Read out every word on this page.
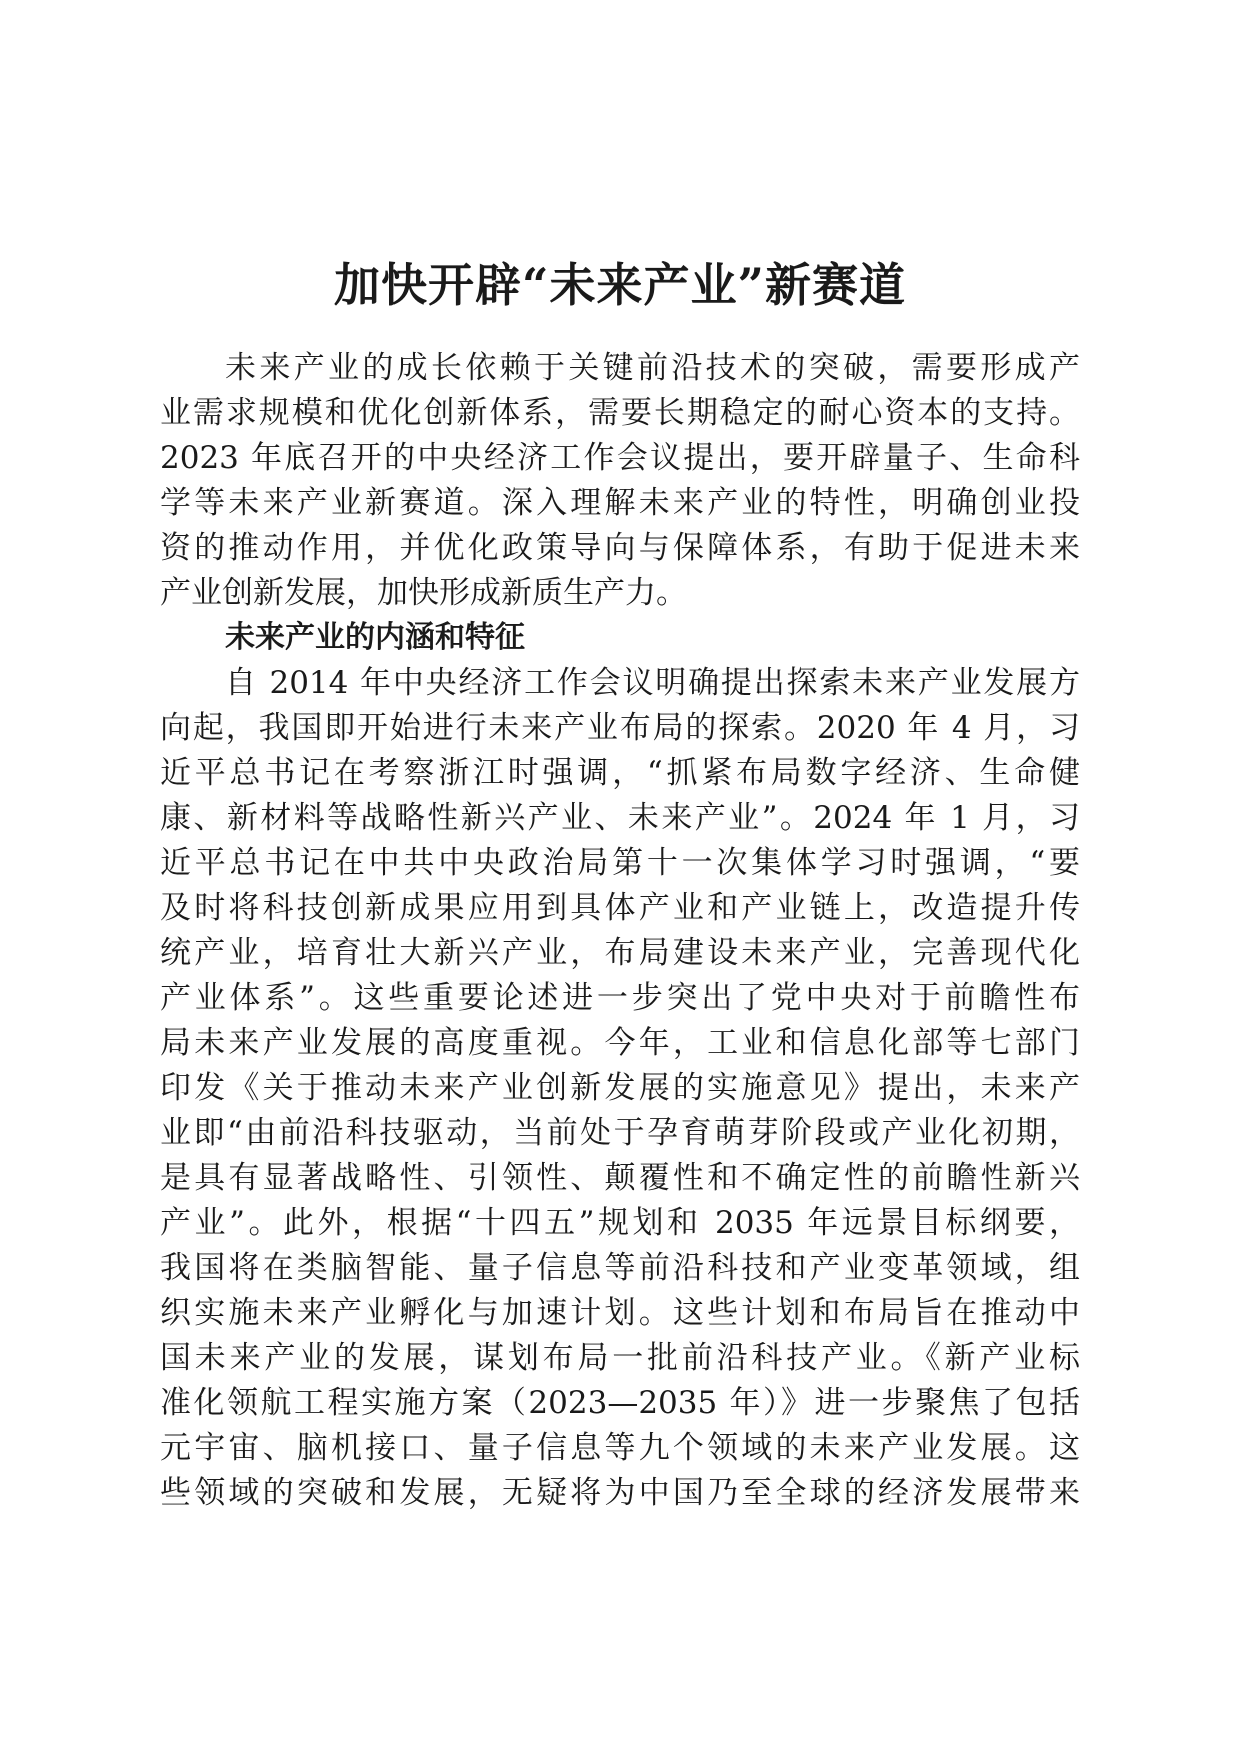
加快开辟“未来产业”新赛道

未来产业的成长依赖于关键前沿技术的突破，需要形成产

业需求规模和优化创新体系，需要长期稳定的耐心资本的支持。

2023 年底召开的中央经济工作会议提出，要开辟量子、生命科

学等未来产业新赛道。深入理解未来产业的特性，明确创业投

资的推动作用，并优化政策导向与保障体系，有助于促进未来

产业创新发展，加快形成新质生产力。

未来产业的内涵和特征

自 2014 年中央经济工作会议明确提出探索未来产业发展方

向起，我国即开始进行未来产业布局的探索。2020 年 4 月，习

近平总书记在考察浙江时强调，“抓紧布局数字经济、生命健

康、新材料等战略性新兴产业、未来产业”。2024 年 1 月，习

近平总书记在中共中央政治局第十一次集体学习时强调，“要

及时将科技创新成果应用到具体产业和产业链上，改造提升传

统产业，培育壮大新兴产业，布局建设未来产业，完善现代化

产业体系”。这些重要论述进一步突出了党中央对于前瞻性布

局未来产业发展的高度重视。今年，工业和信息化部等七部门

印发《关于推动未来产业创新发展的实施意见》提出，未来产

业即“由前沿科技驱动，当前处于孕育萌芽阶段或产业化初期，

是具有显著战略性、引领性、颠覆性和不确定性的前瞻性新兴

产业”。此外，根据“十四五”规划和 2035 年远景目标纲要，

我国将在类脑智能、量子信息等前沿科技和产业变革领域，组

织实施未来产业孵化与加速计划。这些计划和布局旨在推动中

国未来产业的发展，谋划布局一批前沿科技产业。《新产业标

准化领航工程实施方案（2023—2035 年）》进一步聚焦了包括

元宇宙、脑机接口、量子信息等九个领域的未来产业发展。这

些领域的突破和发展，无疑将为中国乃至全球的经济发展带来
